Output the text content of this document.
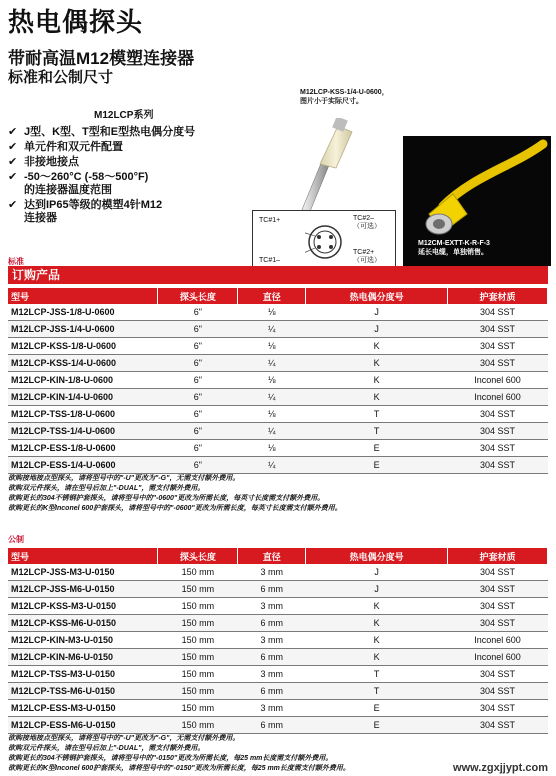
热电偶探头
带耐高温M12模塑连接器
标准和公制尺寸
M12LCP系列
✔ J型、K型、T型和E型热电偶分度号
✔ 单元件和双元件配置
✔ 非接地接点
✔ -50～260°C (-58～500°F)
的连接器温度范围
✔ 达到IP65等级的模塑4针M12
连接器	TC#1+
TC#1–
TC#2–
（可选）
TC#2+
（可选）
M12LCP-KSS-1/4-U-0600，
图片小于实际尺寸。
M12CM-EXTT-K-R-F-3
延长电缆，单独销售。
标准
订购产品
型号	探头长度	直径	热电偶分度号	护套材质
M12LCP-JSS-1/8-U-0600	6"	⅛	J	304 SST
M12LCP-JSS-1/4-U-0600	6"	¼	J	304 SST
M12LCP-KSS-1/8-U-0600	6"	⅛	K	304 SST
M12LCP-KSS-1/4-U-0600	6"	¼	K	304 SST
M12LCP-KIN-1/8-U-0600	6"	⅛	K	Inconel 600
M12LCP-KIN-1/4-U-0600	6"	¼	K	Inconel 600
M12LCP-TSS-1/8-U-0600	6"	⅛	T	304 SST
M12LCP-TSS-1/4-U-0600	6"	¼	T	304 SST
M12LCP-ESS-1/8-U-0600	6"	⅛	E	304 SST
M12LCP-ESS-1/4-U-0600	6"	¼	E	304 SST
欲购接地接点型探头，请将型号中的"-U"更改为"-G"，无需支付额外费用。
欲购双元件探头，请在型号后加上"-DUAL"，需支付额外费用。
欲购更长的304不锈钢护套探头，请将型号中的"-0600"更改为所需长度，每英寸长度需支付额外费用。
欲购更长的K型Inconel 600护套探头，请将型号中的"-0600"更改为所需长度，每英寸长度需支付额外费用。
公制
型号	探头长度	直径	热电偶分度号	护套材质
M12LCP-JSS-M3-U-0150	150 mm	3 mm	J	304 SST
M12LCP-JSS-M6-U-0150	150 mm	6 mm	J	304 SST
M12LCP-KSS-M3-U-0150	150 mm	3 mm	K	304 SST
M12LCP-KSS-M6-U-0150	150 mm	6 mm	K	304 SST
M12LCP-KIN-M3-U-0150	150 mm	3 mm	K	Inconel 600
M12LCP-KIN-M6-U-0150	150 mm	6 mm	K	Inconel 600
M12LCP-TSS-M3-U-0150	150 mm	3 mm	T	304 SST
M12LCP-TSS-M6-U-0150	150 mm	6 mm	T	304 SST
M12LCP-ESS-M3-U-0150	150 mm	3 mm	E	304 SST
M12LCP-ESS-M6-U-0150	150 mm	6 mm	E	304 SST
欲购接地接点型探头，请将型号中的"-U"更改为"-G"，无需支付额外费用。
欲购双元件探头，请在型号后加上"-DUAL"，需支付额外费用。
欲购更长的304不锈钢护套探头，请将型号中的"-0150"更改为所需长度，每25 mm长度需支付额外费用。
欲购更长的K型Inconel 600护套探头，请将型号中的"-0150"更改为所需长度，每25 mm长度需支付额外费用。	www.zgxjjypt.com
